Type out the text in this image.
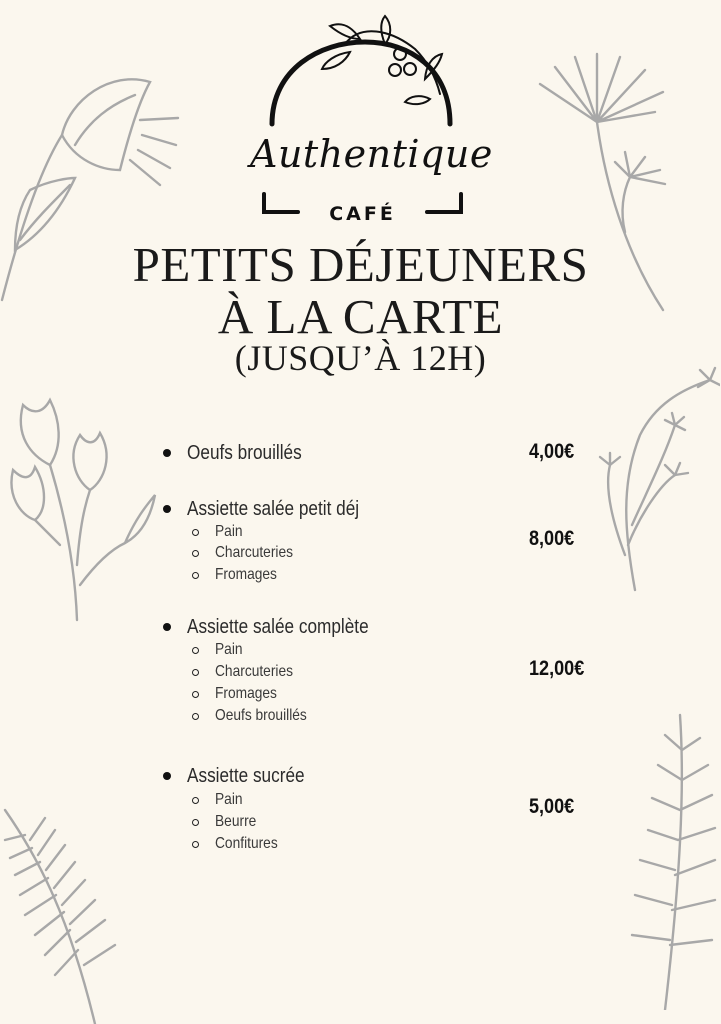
Authentique
CAFÉ
PETITS DÉJEUNERS
À LA CARTE
(JUSQU’À 12H)
Oeufs brouillés	4,00€
Assiette salée petit déj
Pain
Charcuteries
Fromages
8,00€
Assiette salée complète
Pain
Charcuteries
Fromages
Oeufs brouillés
12,00€
Assiette sucrée
Pain
Beurre
Confitures
5,00€
